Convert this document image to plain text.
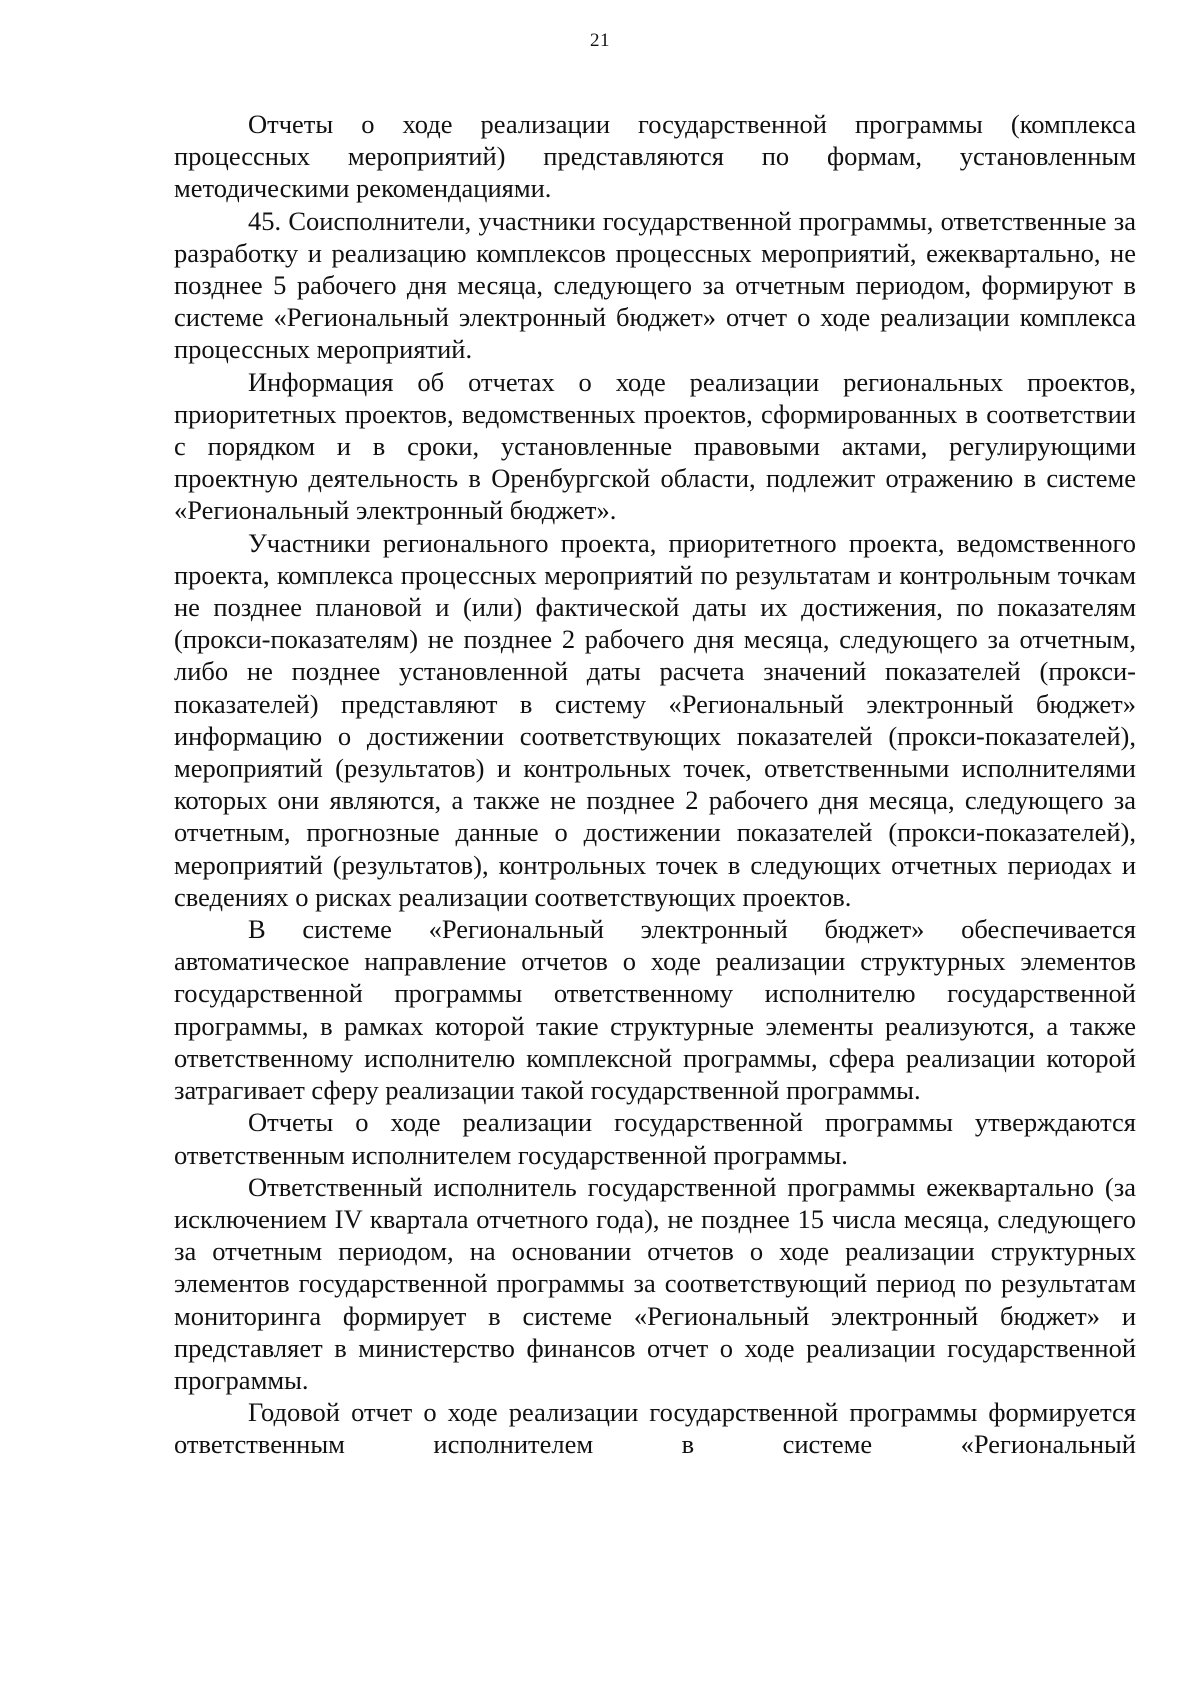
21

Отчеты о ходе реализации государственной программы (комплекса процессных мероприятий) представляются по формам, установленным методическими рекомендациями.

45. Соисполнители, участники государственной программы, ответственные за разработку и реализацию комплексов процессных мероприятий, ежеквартально, не позднее 5 рабочего дня месяца, следующего за отчетным периодом, формируют в системе «Региональный электронный бюджет» отчет о ходе реализации комплекса процессных мероприятий.

Информация об отчетах о ходе реализации региональных проектов, приоритетных проектов, ведомственных проектов, сформированных в соответствии с порядком и в сроки, установленные правовыми актами, регулирующими проектную деятельность в Оренбургской области, подлежит отражению в системе «Региональный электронный бюджет».

Участники регионального проекта, приоритетного проекта, ведомственного проекта, комплекса процессных мероприятий по результатам и контрольным точкам не позднее плановой и (или) фактической даты их достижения, по показателям (прокси-показателям) не позднее 2 рабочего дня месяца, следующего за отчетным, либо не позднее установленной даты расчета значений показателей (прокси-показателей) представляют в систему «Региональный электронный бюджет» информацию о достижении соответствующих показателей (прокси-показателей), мероприятий (результатов) и контрольных точек, ответственными исполнителями которых они являются, а также не позднее 2 рабочего дня месяца, следующего за отчетным, прогнозные данные о достижении показателей (прокси-показателей), мероприятий (результатов), контрольных точек в следующих отчетных периодах и сведениях о рисках реализации соответствующих проектов.

В системе «Региональный электронный бюджет» обеспечивается автоматическое направление отчетов о ходе реализации структурных элементов государственной программы ответственному исполнителю государственной программы, в рамках которой такие структурные элементы реализуются, а также ответственному исполнителю комплексной программы, сфера реализации которой затрагивает сферу реализации такой государственной программы.

Отчеты о ходе реализации государственной программы утверждаются ответственным исполнителем государственной программы.

Ответственный исполнитель государственной программы ежеквартально (за исключением IV квартала отчетного года), не позднее 15 числа месяца, следующего за отчетным периодом, на основании отчетов о ходе реализации структурных элементов государственной программы за соответствующий период по результатам мониторинга формирует в системе «Региональный электронный бюджет» и представляет в министерство финансов отчет о ходе реализации государственной программы.

Годовой отчет о ходе реализации государственной программы формируется ответственным исполнителем в системе «Региональный
